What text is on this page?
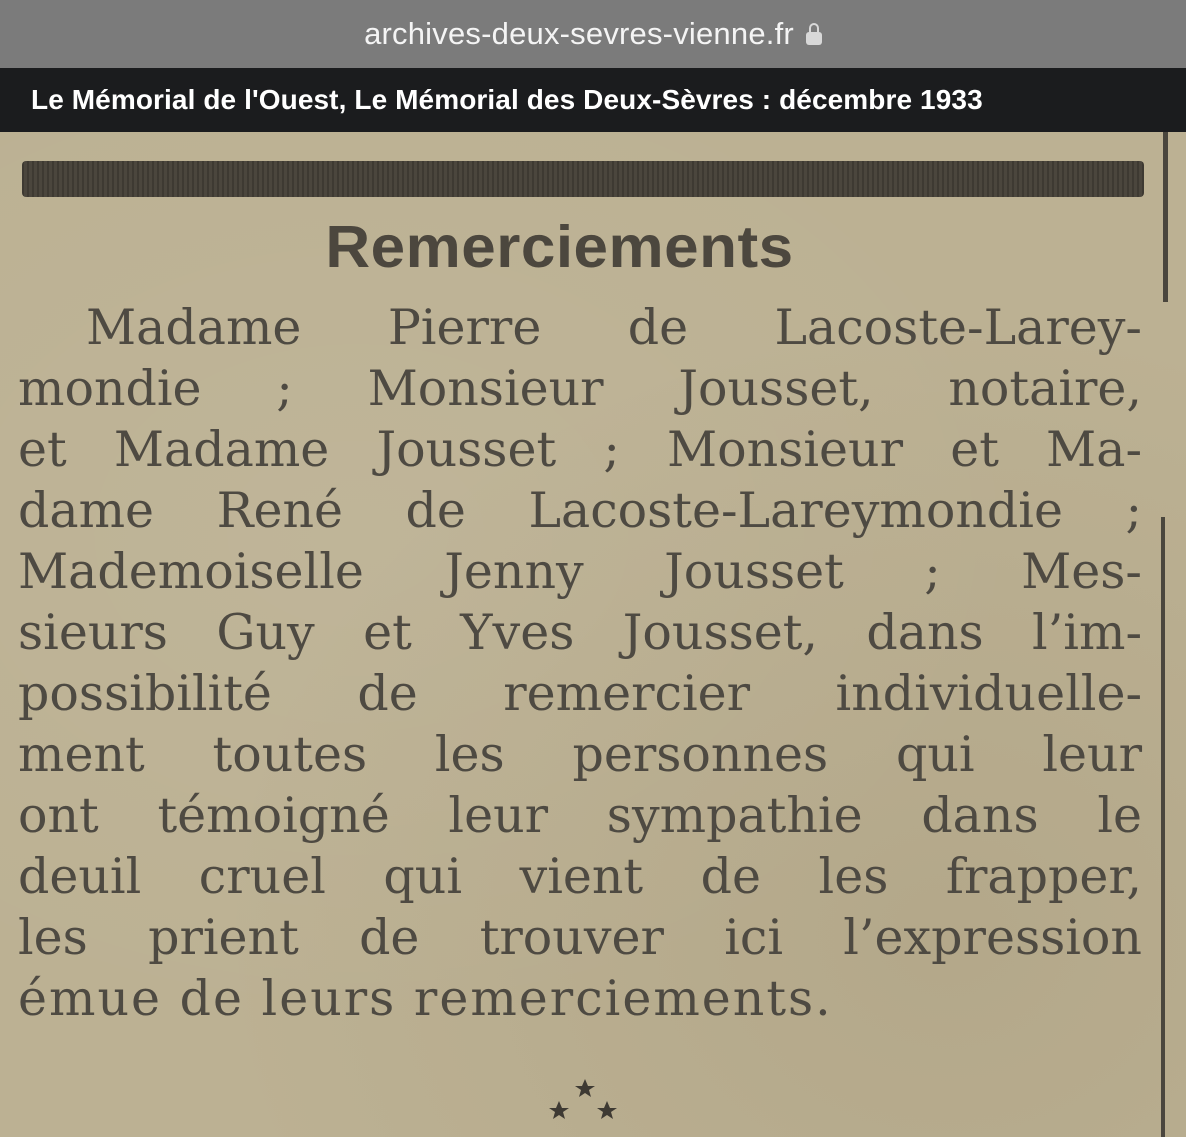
archives-deux-sevres-vienne.fr
Le Mémorial de l'Ouest, Le Mémorial des Deux-Sèvres : décembre 1933
Remerciements
Madame Pierre de Lacoste-Larey-
mondie ; Monsieur Jousset, notaire,
et Madame Jousset ; Monsieur et Ma-
dame René de Lacoste-Lareymondie ;
Mademoiselle Jenny Jousset ; Mes-
sieurs Guy et Yves Jousset, dans l’im-
possibilité de remercier individuelle-
ment toutes les personnes qui leur
ont témoigné leur sympathie dans le
deuil cruel qui vient de les frapper,
les prient de trouver ici l’expression
émue de leurs remerciements.
